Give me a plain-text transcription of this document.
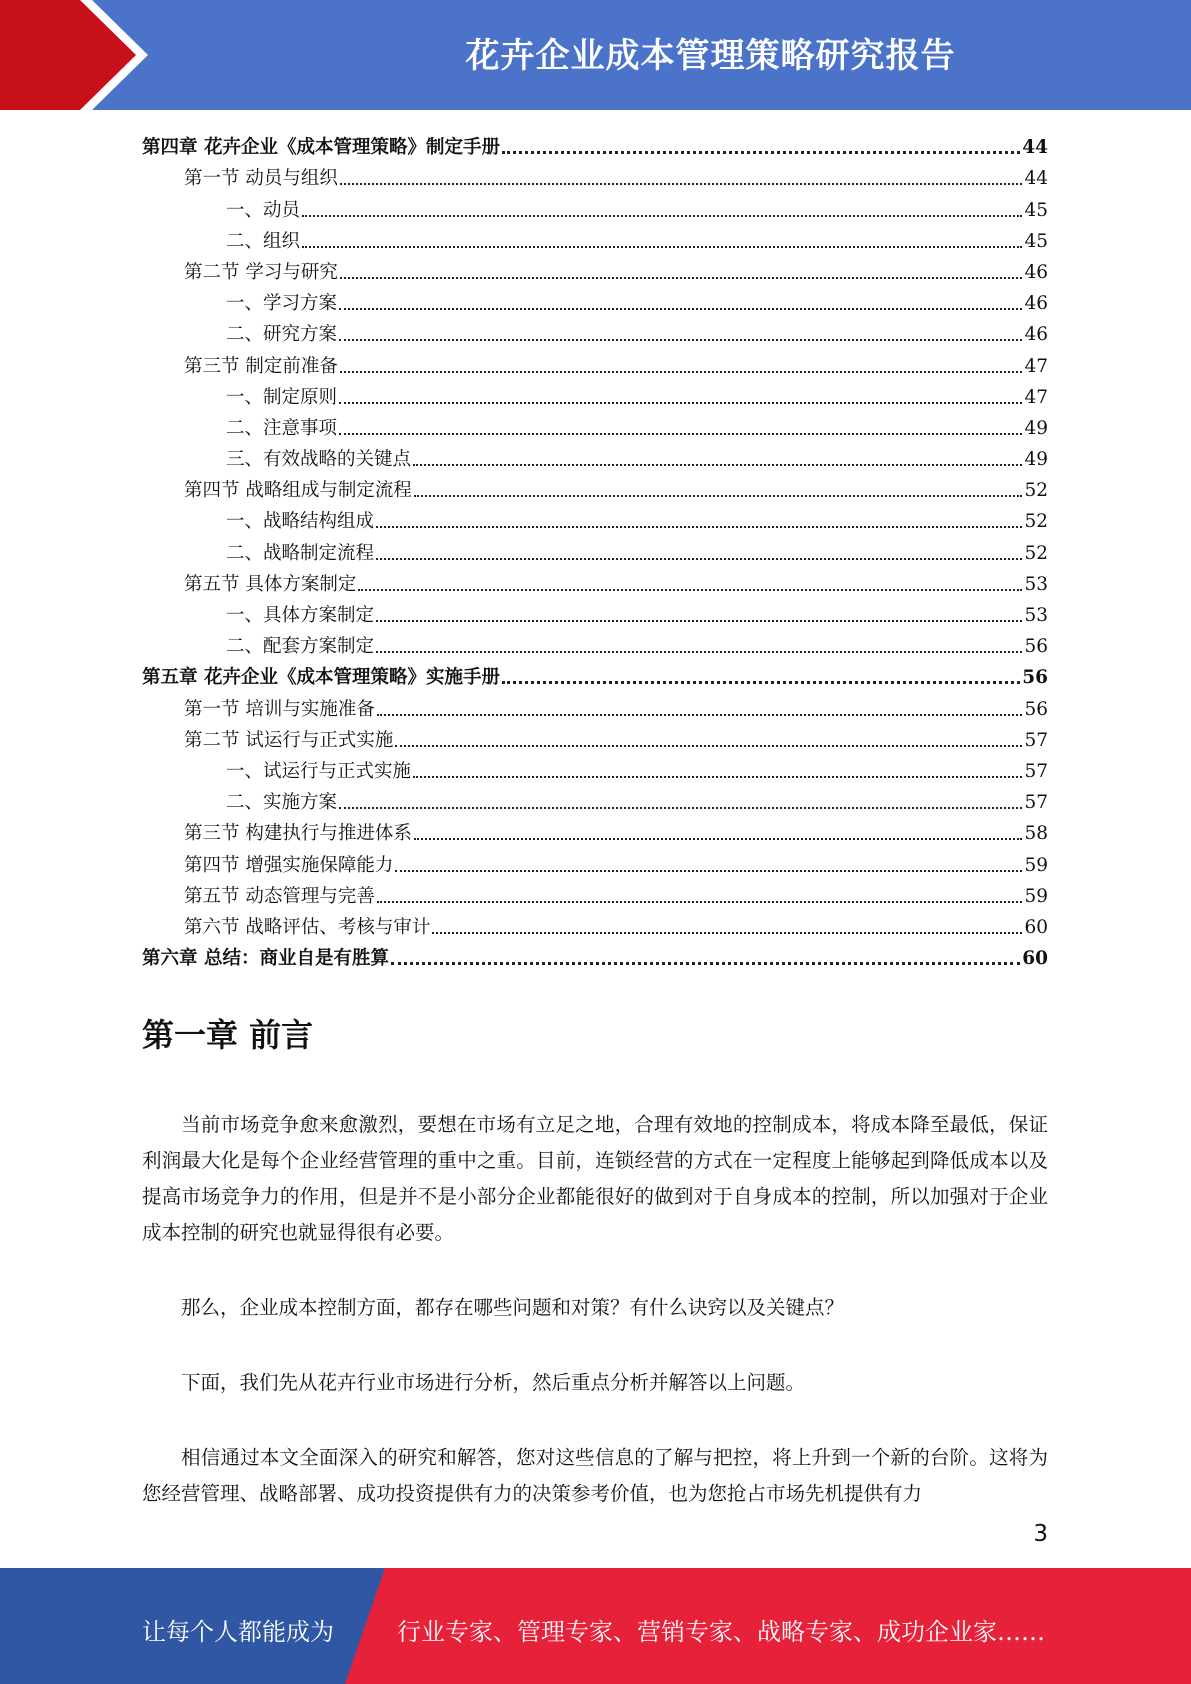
花卉企业成本管理策略研究报告
第四章 花卉企业《成本管理策略》制定手册	44
第一节 动员与组织	44
一、动员	45
二、组织	45
第二节 学习与研究	46
一、学习方案	46
二、研究方案	46
第三节 制定前准备	47
一、制定原则	47
二、注意事项	49
三、有效战略的关键点	49
第四节 战略组成与制定流程	52
一、战略结构组成	52
二、战略制定流程	52
第五节 具体方案制定	53
一、具体方案制定	53
二、配套方案制定	56
第五章 花卉企业《成本管理策略》实施手册	56
第一节 培训与实施准备	56
第二节 试运行与正式实施	57
一、试运行与正式实施	57
二、实施方案	57
第三节 构建执行与推进体系	58
第四节 增强实施保障能力	59
第五节 动态管理与完善	59
第六节 战略评估、考核与审计	60
第六章 总结：商业自是有胜算	60
第一章 前言

当前市场竞争愈来愈激烈，要想在市场有立足之地，合理有效地的控制成本，将成本降至最低，保证利润最大化是每个企业经营管理的重中之重。目前，连锁经营的方式在一定程度上能够起到降低成本以及提高市场竞争力的作用，但是并不是小部分企业都能很好的做到对于自身成本的控制，所以加强对于企业成本控制的研究也就显得很有必要。

那么，企业成本控制方面，都存在哪些问题和对策？有什么诀窍以及关键点？

下面，我们先从花卉行业市场进行分析，然后重点分析并解答以上问题。

相信通过本文全面深入的研究和解答，您对这些信息的了解与把控，将上升到一个新的台阶。这将为您经营管理、战略部署、成功投资提供有力的决策参考价值，也为您抢占市场先机提供有力

3
让每个人都能成为	行业专家、管理专家、营销专家、战略专家、成功企业家……
